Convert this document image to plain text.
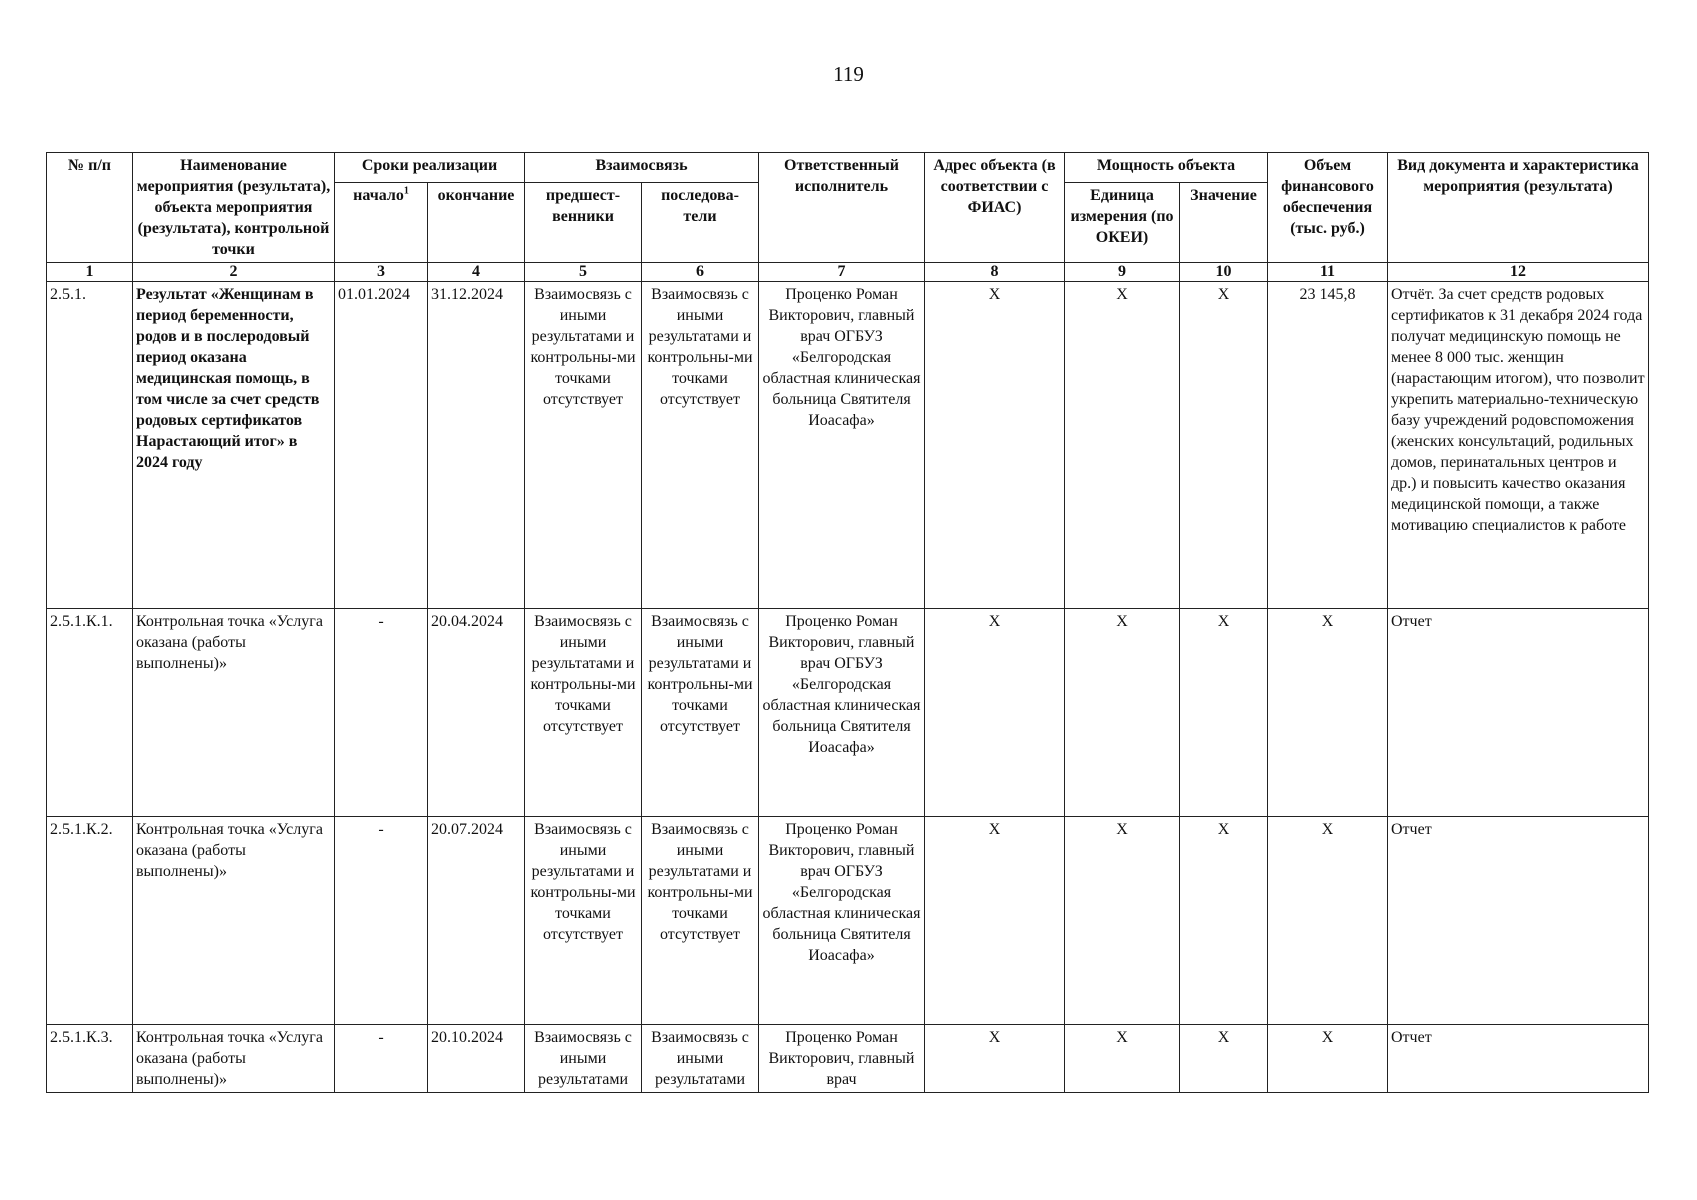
119
№ п/п	Наименование мероприятия (результата), объекта мероприятия (результата), контрольной точки	Сроки реализации		Взаимосвязь		Ответственный исполнитель	Адрес объекта (в соответствии с ФИАС)	Мощность объекта		Объем финансового обеспечения (тыс. руб.)	Вид документа и характеристика мероприятия (результата)
		начало$^1$	окончание	предшест-венники	последова-тели			Единица измерения (по ОКЕИ)	Значение		
1	2	3	4	5	6	7	8	9	10	11	12
2.5.1.	Результат «Женщинам в период беременности, родов и в послеродовый период оказана медицинская помощь, в том числе за счет средств родовых сертификатов Нарастающий итог» в 2024 году	01.01.2024	31.12.2024	Взаимосвязь с иными результатами и контрольны-ми точками отсутствует	Взаимосвязь с иными результатами и контрольны-ми точками отсутствует	Проценко Роман Викторович, главный врач ОГБУЗ «Белгородская областная клиническая больница Святителя Иоасафа»	X	X	X	23 145,8	Отчёт. За счет средств родовых сертификатов к 31 декабря 2024 года получат медицинскую помощь не менее 8 000 тыс. женщин (нарастающим итогом), что позволит укрепить материально-техническую базу учреждений родовспоможения (женских консультаций, родильных домов, перинатальных центров и др.) и повысить качество оказания медицинской помощи, а также мотивацию специалистов к работе
2.5.1.К.1.	Контрольная точка «Услуга оказана (работы выполнены)»	-	20.04.2024	Взаимосвязь с иными результатами и контрольны-ми точками отсутствует	Взаимосвязь с иными результатами и контрольны-ми точками отсутствует	Проценко Роман Викторович, главный врач ОГБУЗ «Белгородская областная клиническая больница Святителя Иоасафа»	X	X	X	X	Отчет
2.5.1.К.2.	Контрольная точка «Услуга оказана (работы выполнены)»	-	20.07.2024	Взаимосвязь с иными результатами и контрольны-ми точками отсутствует	Взаимосвязь с иными результатами и контрольны-ми точками отсутствует	Проценко Роман Викторович, главный врач ОГБУЗ «Белгородская областная клиническая больница Святителя Иоасафа»	X	X	X	X	Отчет
2.5.1.К.3.	Контрольная точка «Услуга оказана (работы выполнены)»	-	20.10.2024	Взаимосвязь с иными результатами	Взаимосвязь с иными результатами	Проценко Роман Викторович, главный врач	X	X	X	X	Отчет
